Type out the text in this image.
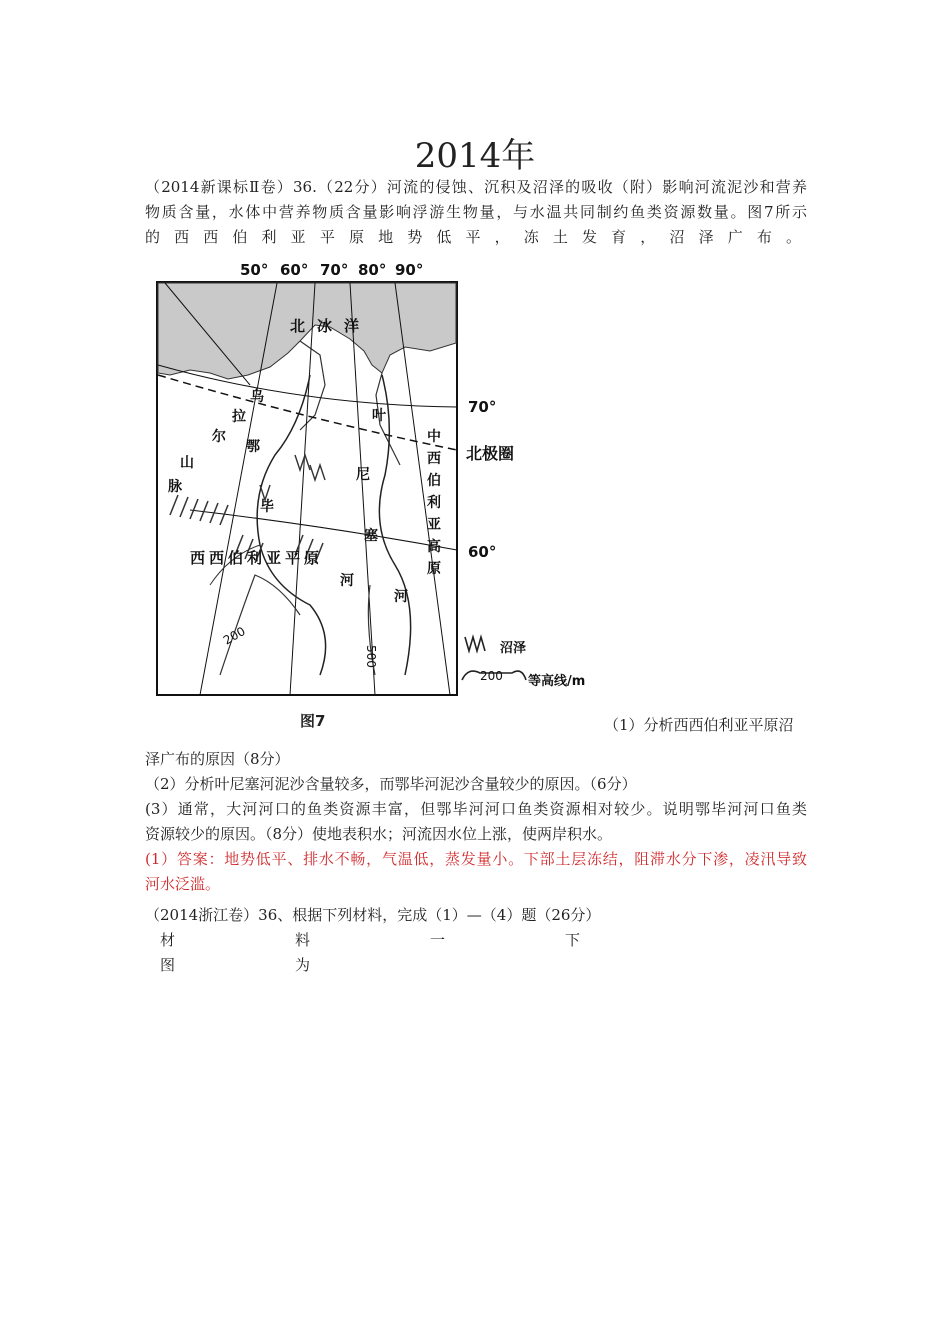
2014年

（2014新课标Ⅱ卷）36.（22分）河流的侵蚀、沉积及沼泽的吸收（附）影响河流泥沙和营养

物质含量，水体中营养物质含量影响浮游生物量，与水温共同制约鱼类资源数量。图7所示

的西西伯利亚平原地势低平，冻土发育，沼泽广布。

50° 60° 70° 80° 90°
70°
60°
北极圈
北冰洋
西西伯利亚平原
沼泽
等高线/m
200
乌
拉
尔
山
脉
中
西
伯
利
亚
高
原
鄂
毕
河
叶
尼
塞
河
200
500
图7	（1）分析西西伯利亚平原沼

泽广布的原因（8分）

（2）分析叶尼塞河泥沙含量较多，而鄂毕河泥沙含量较少的原因。（6分）

(3）通常，大河河口的鱼类资源丰富，但鄂毕河河口鱼类资源相对较少。说明鄂毕河河口鱼类

资源较少的原因。（8分）使地表积水；河流因水位上涨，使两岸积水。

(1）答案：地势低平、排水不畅，气温低，蒸发量小。下部土层冻结，阻滞水分下渗，凌汛导致

河水泛滥。

（2014浙江卷）36、根据下列材料，完成（1）—（4）题（26分）

材料一下图为
